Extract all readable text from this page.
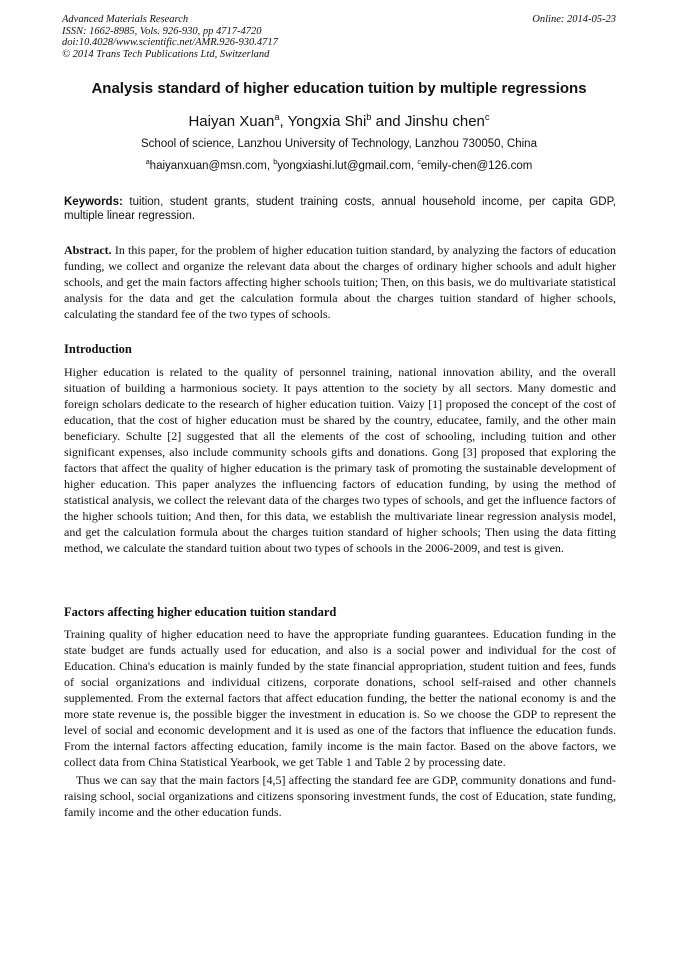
Advanced Materials Research
ISSN: 1662-8985, Vols. 926-930, pp 4717-4720
doi:10.4028/www.scientific.net/AMR.926-930.4717
© 2014 Trans Tech Publications Ltd, Switzerland
Online: 2014-05-23
Analysis standard of higher education tuition by multiple regressions
Haiyan Xuan$^a$, Yongxia Shi$^b$ and Jinshu chen$^c$
School of science, Lanzhou University of Technology, Lanzhou 730050, China
$^a$haiyanxuan@msn.com, $^b$yongxiashi.lut@gmail.com, $^c$emily-chen@126.com
Keywords: tuition, student grants, student training costs, annual household income, per capita GDP, multiple linear regression.
Abstract. In this paper, for the problem of higher education tuition standard, by analyzing the factors of education funding, we collect and organize the relevant data about the charges of ordinary higher schools and adult higher schools, and get the main factors affecting higher schools tuition; Then, on this basis, we do multivariate statistical analysis for the data and get the calculation formula about the charges tuition standard of higher schools, calculating the standard fee of the two types of schools.
Introduction

Higher education is related to the quality of personnel training, national innovation ability, and the overall situation of building a harmonious society. It pays attention to the society by all sectors. Many domestic and foreign scholars dedicate to the research of higher education tuition. Vaizy [1] proposed the concept of the cost of education, that the cost of higher education must be shared by the country, educatee, family, and the other main beneficiary. Schulte [2] suggested that all the elements of the cost of schooling, including tuition and other significant expenses, also include community schools gifts and donations. Gong [3] proposed that exploring the factors that affect the quality of higher education is the primary task of promoting the sustainable development of higher education. This paper analyzes the influencing factors of education funding, by using the method of statistical analysis, we collect the relevant data of the charges two types of schools, and get the influence factors of the higher schools tuition; And then, for this data, we establish the multivariate linear regression analysis model, and get the calculation formula about the charges tuition standard of higher schools; Then using the data fitting method, we calculate the standard tuition about two types of schools in the 2006-2009, and test is given.

Factors affecting higher education tuition standard

Training quality of higher education need to have the appropriate funding guarantees. Education funding in the state budget are funds actually used for education, and also is a social power and individual for the cost of Education. China's education is mainly funded by the state financial appropriation, student tuition and fees, funds of social organizations and individual citizens, corporate donations, school self-raised and other channels supplemented. From the external factors that affect education funding, the better the national economy is and the more state revenue is, the possible bigger the investment in education is. So we choose the GDP to represent the level of social and economic development and it is used as one of the factors that influence the education funds. From the internal factors affecting education, family income is the main factor. Based on the above factors, we collect data from China Statistical Yearbook, we get Table 1 and Table 2 by processing date.

Thus we can say that the main factors [4,5] affecting the standard fee are GDP, community donations and fund-raising school, social organizations and citizens sponsoring investment funds, the cost of Education, state funding, family income and the other education funds.
